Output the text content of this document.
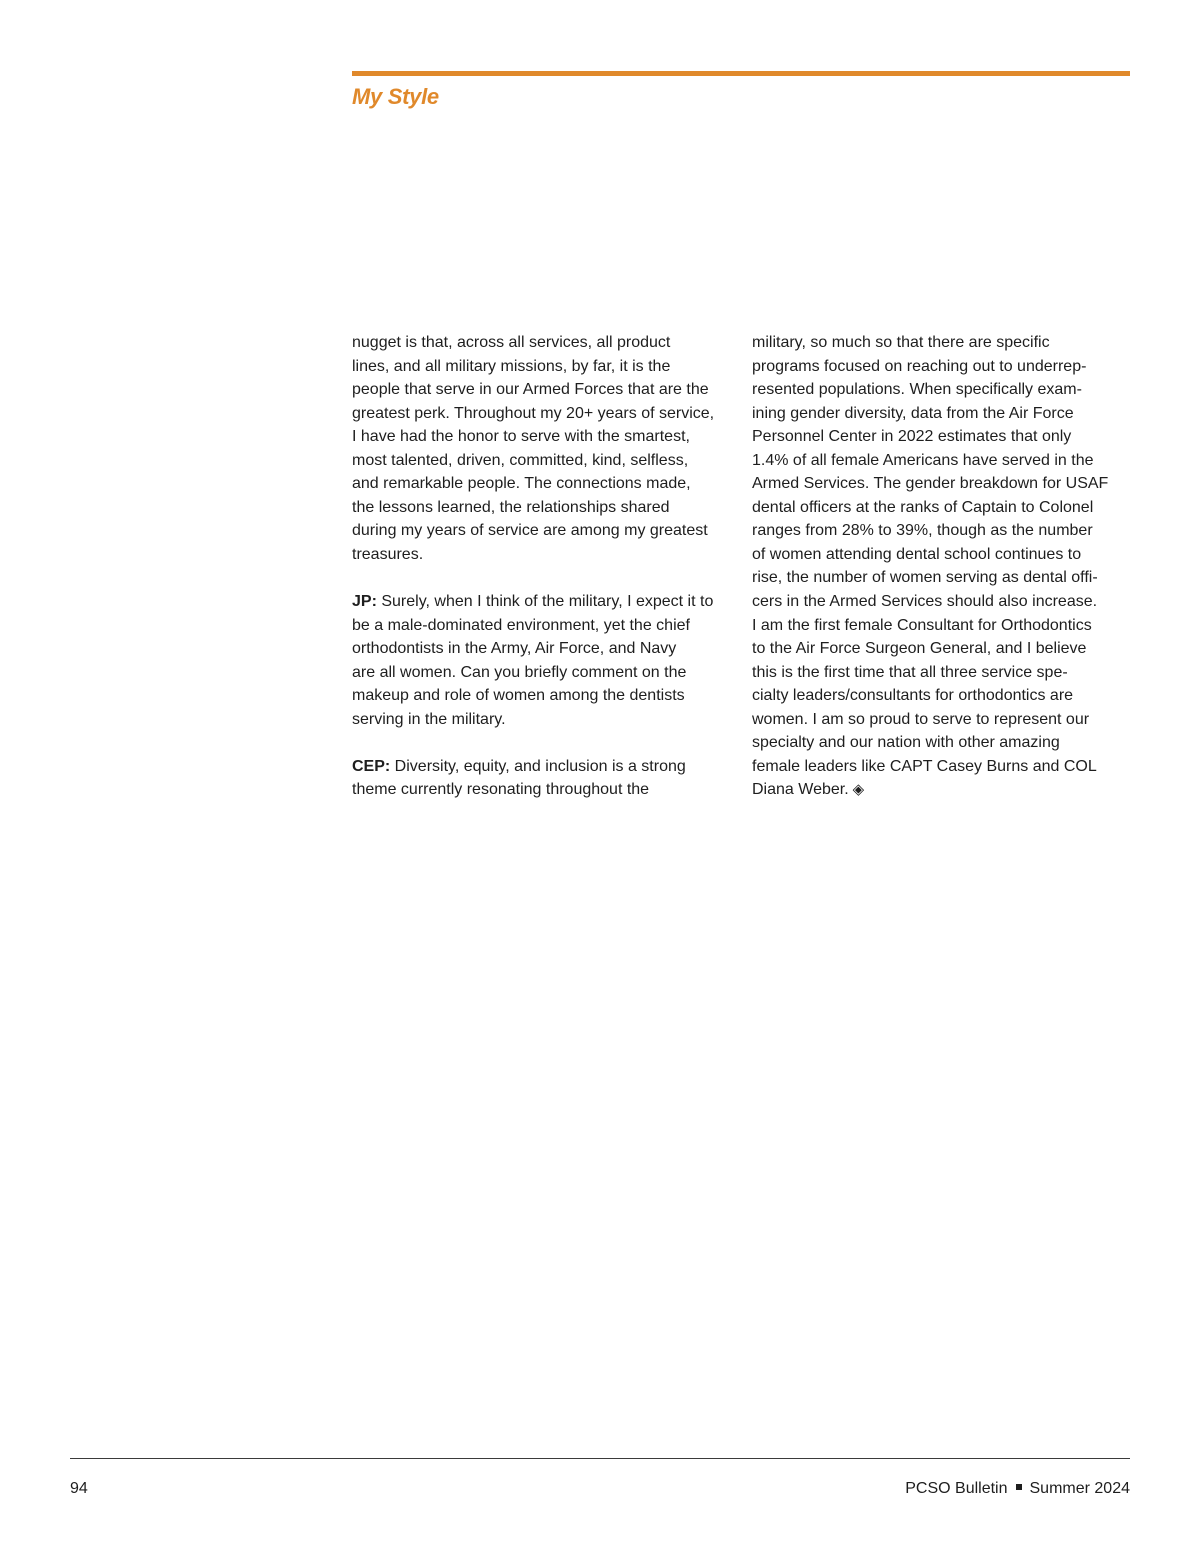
My Style
nugget is that, across all services, all product
lines, and all military missions, by far, it is the
people that serve in our Armed Forces that are the
greatest perk. Throughout my 20+ years of service,
I have had the honor to serve with the smartest,
most talented, driven, committed, kind, selfless,
and remarkable people. The connections made,
the lessons learned, the relationships shared
during my years of service are among my greatest
treasures.
JP: Surely, when I think of the military, I expect it to
be a male-dominated environment, yet the chief
orthodontists in the Army, Air Force, and Navy
are all women. Can you briefly comment on the
makeup and role of women among the dentists
serving in the military.
CEP: Diversity, equity, and inclusion is a strong
theme currently resonating throughout the
military, so much so that there are specific
programs focused on reaching out to underrep-
resented populations. When specifically exam-
ining gender diversity, data from the Air Force
Personnel Center in 2022 estimates that only
1.4% of all female Americans have served in the
Armed Services. The gender breakdown for USAF
dental officers at the ranks of Captain to Colonel
ranges from 28% to 39%, though as the number
of women attending dental school continues to
rise, the number of women serving as dental offi-
cers in the Armed Services should also increase.
I am the first female Consultant for Orthodontics
to the Air Force Surgeon General, and I believe
this is the first time that all three service spe-
cialty leaders/consultants for orthodontics are
women. I am so proud to serve to represent our
specialty and our nation with other amazing
female leaders like CAPT Casey Burns and COL
Diana Weber. ◈
94	PCSO Bulletin Summer 2024
